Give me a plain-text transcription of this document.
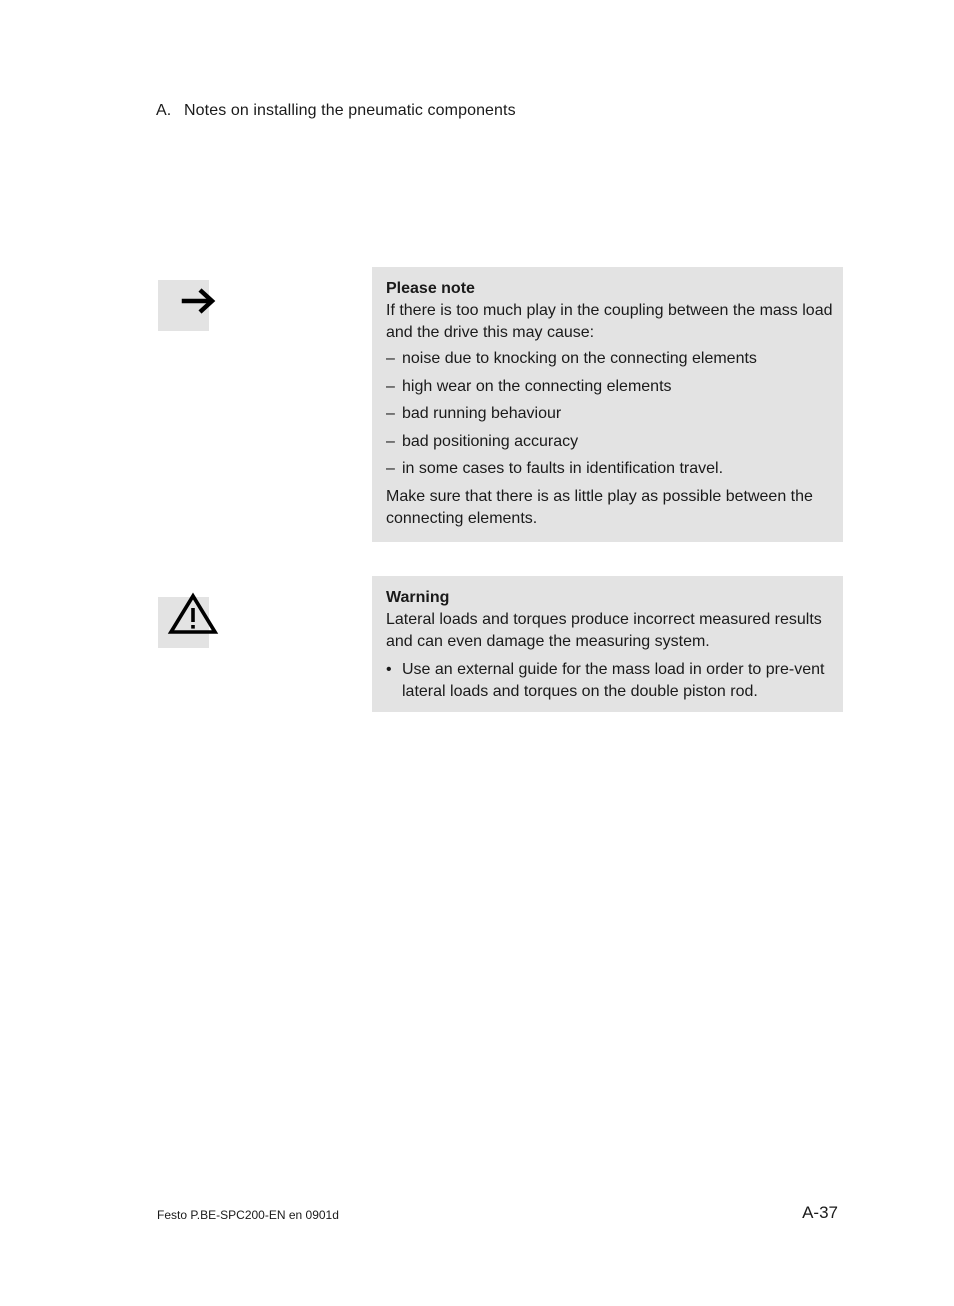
A. Notes on installing the pneumatic components
Please note

If there is too much play in the coupling between the mass load and the drive this may cause:

– noise due to knocking on the connecting elements
– high wear on the connecting elements
– bad running behaviour
– bad positioning accuracy
– in some cases to faults in identification travel.

Make sure that there is as little play as possible between the connecting elements.

Warning

Lateral loads and torques produce incorrect measured results and can even damage the measuring system.

• Use an external guide for the mass load in order to pre-vent lateral loads and torques on the double piston rod.
Festo P.BE-SPC200-EN en 0901d	A-37
